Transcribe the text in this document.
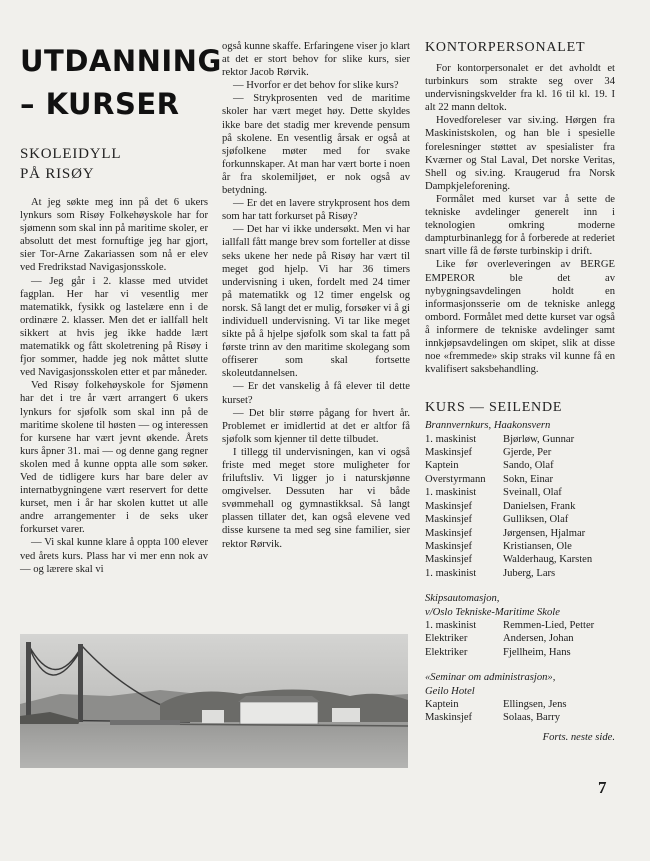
UTDANNING
– KURSER
SKOLEIDYLL
PÅ RISØY

At jeg søkte meg inn på det 6 ukers lynkurs som Risøy Folkehøyskole har for sjømenn som skal inn på maritime skoler, er absolutt det mest fornuftige jeg har gjort, sier Tor-Arne Zakariassen som nå er elev ved Fredrikstad Navigasjonsskole.

— Jeg går i 2. klasse med utvidet fagplan. Her har vi vesentlig mer matematikk, fysikk og lastelære enn i de ordinære 2. klasser. Men det er iallfall helt sikkert at hvis jeg ikke hadde lært matematikk og fått skoletrening på Risøy i fjor sommer, hadde jeg nok måttet slutte ved Navigasjonsskolen etter et par måneder.

Ved Risøy folkehøyskole for Sjømenn har det i tre år vært arrangert 6 ukers lynkurs for sjøfolk som skal inn på de maritime skolene til høsten — og interessen for kursene har vært jevnt økende. Årets kurs åpner 31. mai — og denne gang regner skolen med å kunne oppta alle som søker. Ved de tidligere kurs har bare deler av internatbygningene vært reservert for dette kurset, men i år har skolen kuttet ut alle andre arrangementer i de seks uker forkurset varer.

— Vi skal kunne klare å oppta 100 elever ved årets kurs. Plass har vi mer enn nok av — og lærere skal vi

også kunne skaffe. Erfaringene viser jo klart at det er stort behov for slike kurs, sier rektor Jacob Rørvik.

— Hvorfor er det behov for slike kurs?

— Strykprosenten ved de maritime skoler har vært meget høy. Dette skyldes ikke bare det stadig mer krevende pensum på skolene. En vesentlig årsak er også at sjøfolkene møter med for svake forkunnskaper. At man har vært borte i noen år fra skolemiljøet, er nok også av betydning.

— Er det en lavere strykprosent hos dem som har tatt forkurset på Risøy?

— Det har vi ikke undersøkt. Men vi har iallfall fått mange brev som forteller at disse seks ukene her nede på Risøy har vært til meget god hjelp. Vi har 36 timers undervisning i uken, fordelt med 24 timer på matematikk og 12 timer engelsk og norsk. Så langt det er mulig, forsøker vi å gi individuell undervisning. Vi tar like meget sikte på å hjelpe sjøfolk som skal ta fatt på første trinn av den maritime skolegang som offiserer som skal fortsette skoleutdannelsen.

— Er det vanskelig å få elever til dette kurset?

— Det blir større pågang for hvert år. Problemet er imidlertid at det er altfor få sjøfolk som kjenner til dette tilbudet.

I tillegg til undervisningen, kan vi også friste med meget store muligheter for friluftsliv. Vi ligger jo i naturskjønne omgivelser. Dessuten har vi både svømmehall og gymnastikksal. Så langt plassen tillater det, kan også elevene ved disse kursene ta med seg sine familier, sier rektor Rørvik.

KONTORPERSONALET

For kontorpersonalet er det avholdt et turbinkurs som strakte seg over 34 undervisningskvelder fra kl. 16 til kl. 19. I alt 22 mann deltok.

Hovedforeleser var siv.ing. Hørgen fra Maskinistskolen, og han ble i spesielle forelesninger støttet av spesialister fra Kværner og Stal Laval, Det norske Veritas, Shell og siv.ing. Kraugerud fra Norsk Dampkjeleforening.

Formålet med kurset var å sette de tekniske avdelinger generelt inn i teknologien omkring moderne dampturbinanlegg for å forberede at rederiet snart ville få de første turbinskip i drift.

Like før overleveringen av BERGE EMPEROR ble det av nybygningsavdelingen holdt en informasjonsserie om de tekniske anlegg ombord. Formålet med dette kurset var også å informere de tekniske avdelinger samt innkjøpsavdelingen om skipet, slik at disse noe «fremmede» skip straks vil kunne få en kvalifisert saksbehandling.

KURS — SEILENDE
Brannvernkurs, Haakonsvern
1. maskinist	Bjørløw, Gunnar
Maskinsjef	Gjerde, Per
Kaptein	Sando, Olaf
Overstyrmann	Sokn, Einar
1. maskinist	Sveinall, Olaf
Maskinsjef	Danielsen, Frank
Maskinsjef	Gulliksen, Olaf
Maskinsjef	Jørgensen, Hjalmar
Maskinsjef	Kristiansen, Ole
Maskinsjef	Walderhaug, Karsten
1. maskinist	Juberg, Lars
Skipsautomasjon,
v/Oslo Tekniske-Maritime Skole
1. maskinist	Remmen-Lied, Petter
Elektriker	Andersen, Johan
Elektriker	Fjellheim, Hans
«Seminar om administrasjon»,
Geilo Hotel
Kaptein	Ellingsen, Jens
Maskinsjef	Solaas, Barry
Forts. neste side.
7
